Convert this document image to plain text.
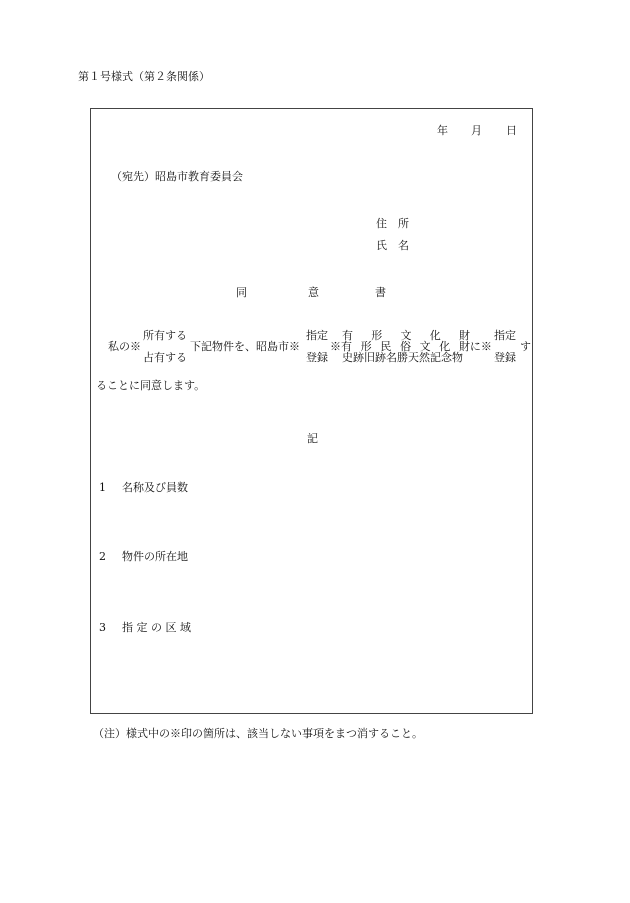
第１号様式（第２条関係）
年 月 日
（宛先）昭島市教育委員会
住 所
氏 名
同	意	書
私の※
所有する
占有する
下記物件を、昭島市※
指定
登録
有 形 文 化 財
※有 形 民 俗 文 化 財に※
史跡旧跡名勝天然記念物
指定
登録
す
ることに同意します。
記
1 名称及び員数
2 物件の所在地
3 指 定 の 区 域
（注）様式中の※印の箇所は、該当しない事項をまつ消すること。
